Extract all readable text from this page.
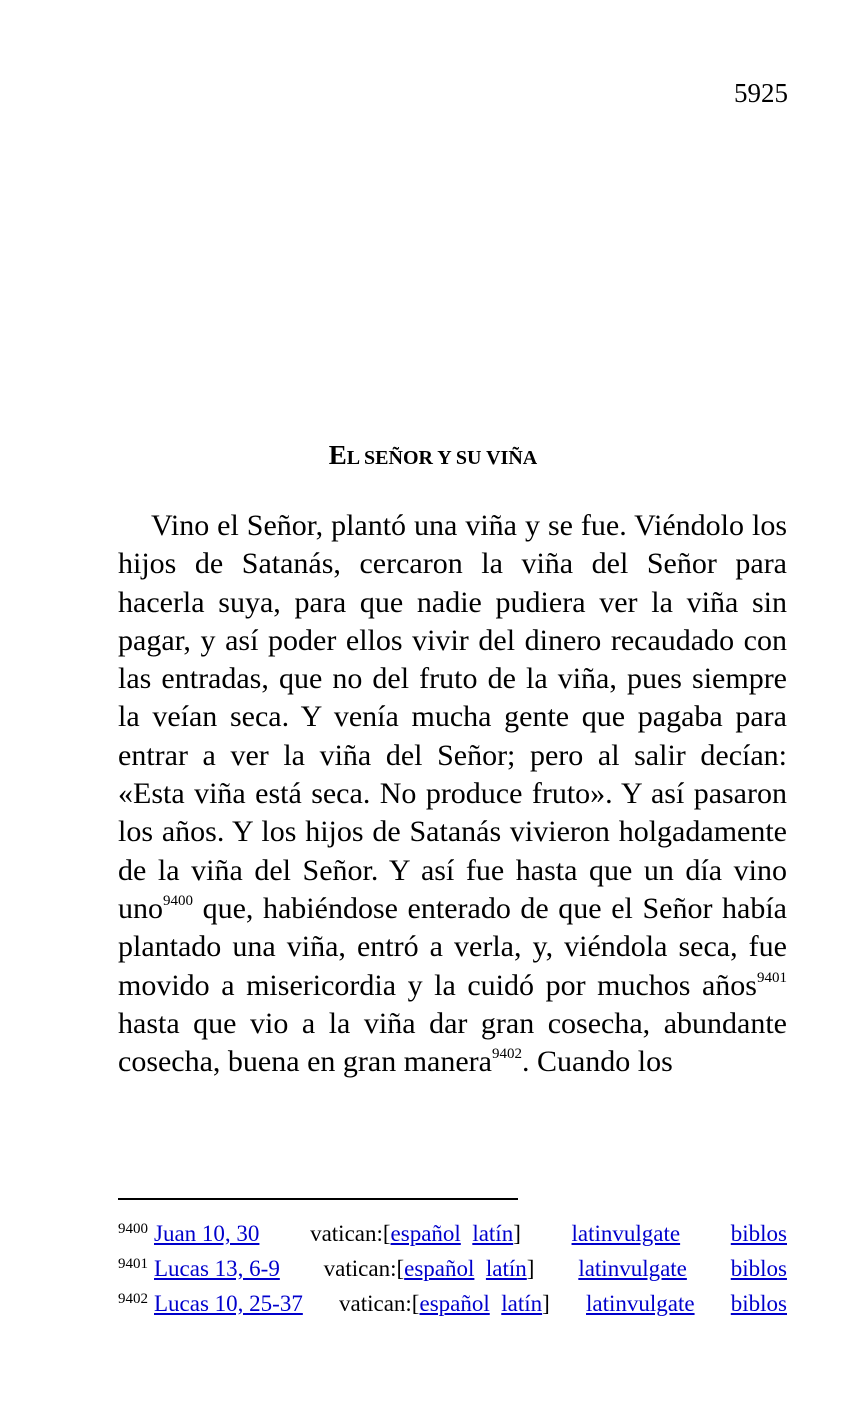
5925
EL SEÑOR Y SU VIÑA

Vino el Señor, plantó una viña y se fue. Viéndolo los hijos de Satanás, cercaron la viña del Señor para hacerla suya, para que nadie pudiera ver la viña sin pagar, y así poder ellos vivir del dinero recaudado con las entradas, que no del fruto de la viña, pues siempre la veían seca. Y venía mucha gente que pagaba para entrar a ver la viña del Señor; pero al salir decían: «Esta viña está seca. No produce fruto». Y así pasaron los años. Y los hijos de Satanás vivieron holgadamente de la viña del Señor. Y así fue hasta que un día vino uno$^{9400}$ que, habiéndose enterado de que el Señor había plantado una viña, entró a verla, y, viéndola seca, fue movido a misericordia y la cuidó por muchos años$^{9401}$ hasta que vio a la viña dar gran cosecha, abundante cosecha, buena en gran manera$^{9402}$. Cuando los

$^{9400}$ Juan 10, 30 vatican:[español latín] latinvulgate biblos
$^{9401}$ Lucas 13, 6-9 vatican:[español latín] latinvulgate biblos
$^{9402}$ Lucas 10, 25-37 vatican:[español latín] latinvulgate biblos
